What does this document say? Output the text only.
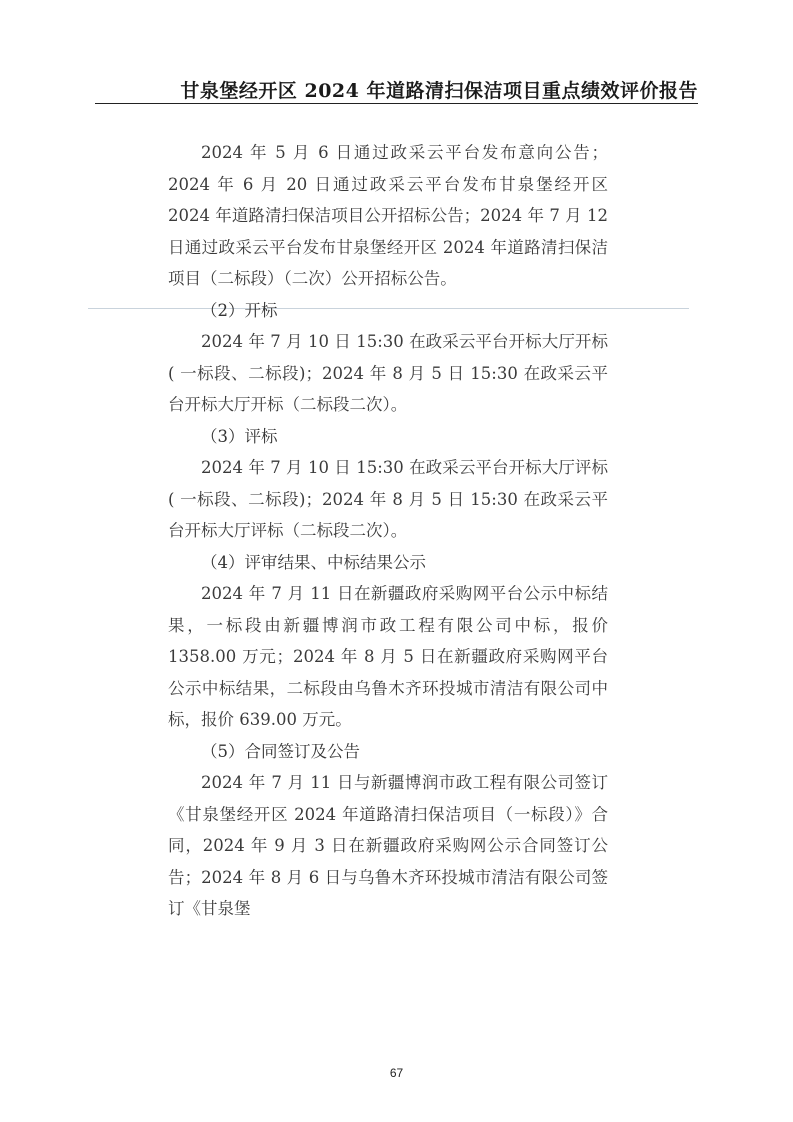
甘泉堡经开区 2024 年道路清扫保洁项目重点绩效评价报告

2024 年 5 月 6 日通过政采云平台发布意向公告；2024 年 6 月 20 日通过政采云平台发布甘泉堡经开区 2024 年道路清扫保洁项目公开招标公告；2024 年 7 月 12 日通过政采云平台发布甘泉堡经开区 2024 年道路清扫保洁项目（二标段）（二次）公开招标公告。

（2）开标

2024 年 7 月 10 日 15:30 在政采云平台开标大厅开标( 一标段、二标段)；2024 年 8 月 5 日 15:30 在政采云平台开标大厅开标（二标段二次）。

（3）评标

2024 年 7 月 10 日 15:30 在政采云平台开标大厅评标( 一标段、二标段)；2024 年 8 月 5 日 15:30 在政采云平台开标大厅评标（二标段二次）。

（4）评审结果、中标结果公示

2024 年 7 月 11 日在新疆政府采购网平台公示中标结果，一标段由新疆博润市政工程有限公司中标，报价 1358.00 万元；2024 年 8 月 5 日在新疆政府采购网平台公示中标结果，二标段由乌鲁木齐环投城市清洁有限公司中标，报价 639.00 万元。

（5）合同签订及公告

2024 年 7 月 11 日与新疆博润市政工程有限公司签订《甘泉堡经开区 2024 年道路清扫保洁项目（一标段）》合同，2024 年 9 月 3 日在新疆政府采购网公示合同签订公告；2024 年 8 月 6 日与乌鲁木齐环投城市清洁有限公司签订《甘泉堡

67
